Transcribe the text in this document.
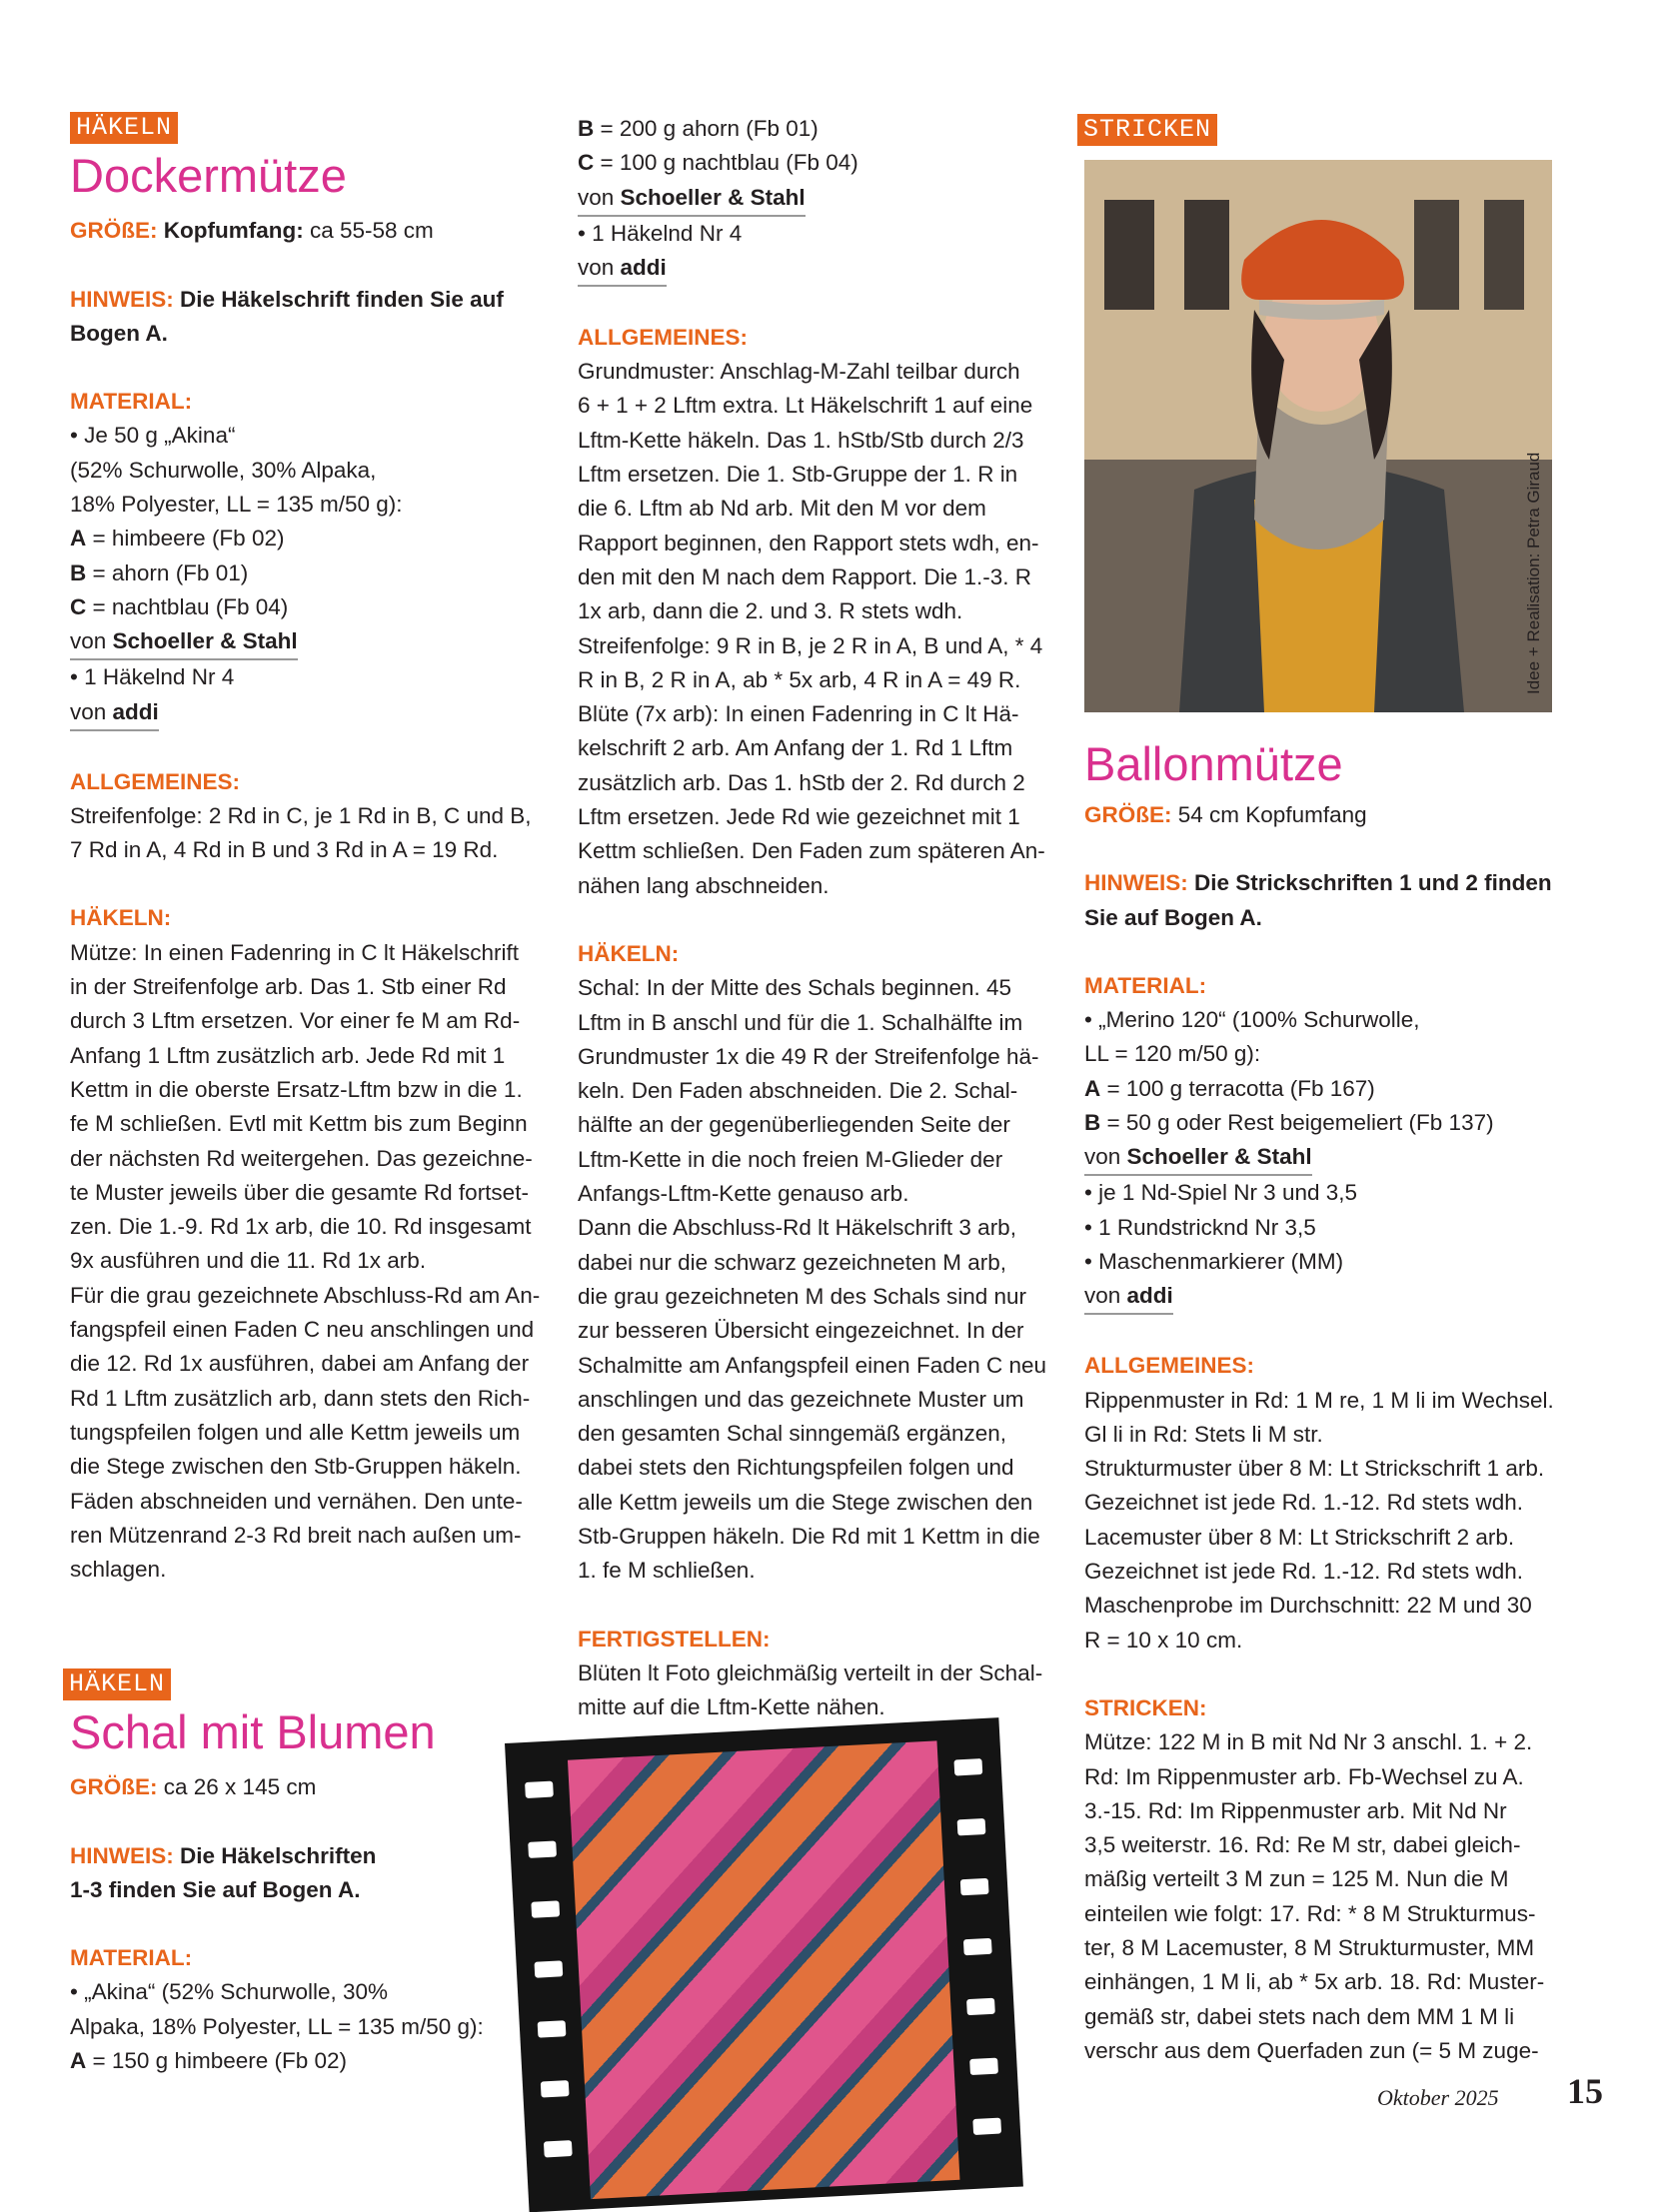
HÄKELN
Dockermütze

GRÖßE: Kopfumfang: ca 55-58 cm

HINWEIS: Die Häkelschrift finden Sie auf

Bogen A.

MATERIAL:

• Je 50 g „Akina“

(52% Schurwolle, 30% Alpaka,

18% Polyester, LL = 135 m/50 g):

A = himbeere (Fb 02)

B = ahorn (Fb 01)

C = nachtblau (Fb 04)

von Schoeller & Stahl

• 1 Häkelnd Nr 4

von addi

ALLGEMEINES:

Streifenfolge: 2 Rd in C, je 1 Rd in B, C und B,

7 Rd in A, 4 Rd in B und 3 Rd in A = 19 Rd.

HÄKELN:

Mütze: In einen Fadenring in C lt Häkelschrift

in der Streifenfolge arb. Das 1. Stb einer Rd

durch 3 Lftm ersetzen. Vor einer fe M am Rd-

Anfang 1 Lftm zusätzlich arb. Jede Rd mit 1

Kettm in die oberste Ersatz-Lftm bzw in die 1.

fe M schließen. Evtl mit Kettm bis zum Beginn

der nächsten Rd weitergehen. Das gezeichne-

te Muster jeweils über die gesamte Rd fortset-

zen. Die 1.-9. Rd 1x arb, die 10. Rd insgesamt

9x ausführen und die 11. Rd 1x arb.

Für die grau gezeichnete Abschluss-Rd am An-

fangspfeil einen Faden C neu anschlingen und

die 12. Rd 1x ausführen, dabei am Anfang der

Rd 1 Lftm zusätzlich arb, dann stets den Rich-

tungspfeilen folgen und alle Kettm jeweils um

die Stege zwischen den Stb-Gruppen häkeln.

Fäden abschneiden und vernähen. Den unte-

ren Mützenrand 2-3 Rd breit nach außen um-

schlagen.

HÄKELN
Schal mit Blumen

GRÖßE: ca 26 x 145 cm

HINWEIS: Die Häkelschriften

1-3 finden Sie auf Bogen A.

MATERIAL:

• „Akina“ (52% Schurwolle, 30%

Alpaka, 18% Polyester, LL = 135 m/50 g):

A = 150 g himbeere (Fb 02)

B = 200 g ahorn (Fb 01)

C = 100 g nachtblau (Fb 04)

von Schoeller & Stahl

• 1 Häkelnd Nr 4

von addi

ALLGEMEINES:

Grundmuster: Anschlag-M-Zahl teilbar durch

6 + 1 + 2 Lftm extra. Lt Häkelschrift 1 auf eine

Lftm-Kette häkeln. Das 1. hStb/Stb durch 2/3

Lftm ersetzen. Die 1. Stb-Gruppe der 1. R in

die 6. Lftm ab Nd arb. Mit den M vor dem

Rapport beginnen, den Rapport stets wdh, en-

den mit den M nach dem Rapport. Die 1.-3. R

1x arb, dann die 2. und 3. R stets wdh.

Streifenfolge: 9 R in B, je 2 R in A, B und A, * 4

R in B, 2 R in A, ab * 5x arb, 4 R in A = 49 R.

Blüte (7x arb): In einen Fadenring in C lt Hä-

kelschrift 2 arb. Am Anfang der 1. Rd 1 Lftm

zusätzlich arb. Das 1. hStb der 2. Rd durch 2

Lftm ersetzen. Jede Rd wie gezeichnet mit 1

Kettm schließen. Den Faden zum späteren An-

nähen lang abschneiden.

HÄKELN:

Schal: In der Mitte des Schals beginnen. 45

Lftm in B anschl und für die 1. Schalhälfte im

Grundmuster 1x die 49 R der Streifenfolge hä-

keln. Den Faden abschneiden. Die 2. Schal-

hälfte an der gegenüberliegenden Seite der

Lftm-Kette in die noch freien M-Glieder der

Anfangs-Lftm-Kette genauso arb.

Dann die Abschluss-Rd lt Häkelschrift 3 arb,

dabei nur die schwarz gezeichneten M arb,

die grau gezeichneten M des Schals sind nur

zur besseren Übersicht eingezeichnet. In der

Schalmitte am Anfangspfeil einen Faden C neu

anschlingen und das gezeichnete Muster um

den gesamten Schal sinngemäß ergänzen,

dabei stets den Richtungspfeilen folgen und

alle Kettm jeweils um die Stege zwischen den

Stb-Gruppen häkeln. Die Rd mit 1 Kettm in die

1. fe M schließen.

FERTIGSTELLEN:

Blüten lt Foto gleichmäßig verteilt in der Schal-

mitte auf die Lftm-Kette nähen.

STRICKEN
Idee + Realisation: Petra Giraud
Ballonmütze

GRÖßE: 54 cm Kopfumfang

HINWEIS: Die Strickschriften 1 und 2 finden

Sie auf Bogen A.

MATERIAL:

• „Merino 120“ (100% Schurwolle,

LL = 120 m/50 g):

A = 100 g terracotta (Fb 167)

B = 50 g oder Rest beigemeliert (Fb 137)

von Schoeller & Stahl

• je 1 Nd-Spiel Nr 3 und 3,5

• 1 Rundstricknd Nr 3,5

• Maschenmarkierer (MM)

von addi

ALLGEMEINES:

Rippenmuster in Rd: 1 M re, 1 M li im Wechsel.

Gl li in Rd: Stets li M str.

Strukturmuster über 8 M: Lt Strickschrift 1 arb.

Gezeichnet ist jede Rd. 1.-12. Rd stets wdh.

Lacemuster über 8 M: Lt Strickschrift 2 arb.

Gezeichnet ist jede Rd. 1.-12. Rd stets wdh.

Maschenprobe im Durchschnitt: 22 M und 30

R = 10 x 10 cm.

STRICKEN:

Mütze: 122 M in B mit Nd Nr 3 anschl. 1. + 2.

Rd: Im Rippenmuster arb. Fb-Wechsel zu A.

3.-15. Rd: Im Rippenmuster arb. Mit Nd Nr

3,5 weiterstr. 16. Rd: Re M str, dabei gleich-

mäßig verteilt 3 M zun = 125 M. Nun die M

einteilen wie folgt: 17. Rd: * 8 M Strukturmus-

ter, 8 M Lacemuster, 8 M Strukturmuster, MM

einhängen, 1 M li, ab * 5x arb. 18. Rd: Muster-

gemäß str, dabei stets nach dem MM 1 M li

verschr aus dem Querfaden zun (= 5 M zuge-

Oktober 2025 15
